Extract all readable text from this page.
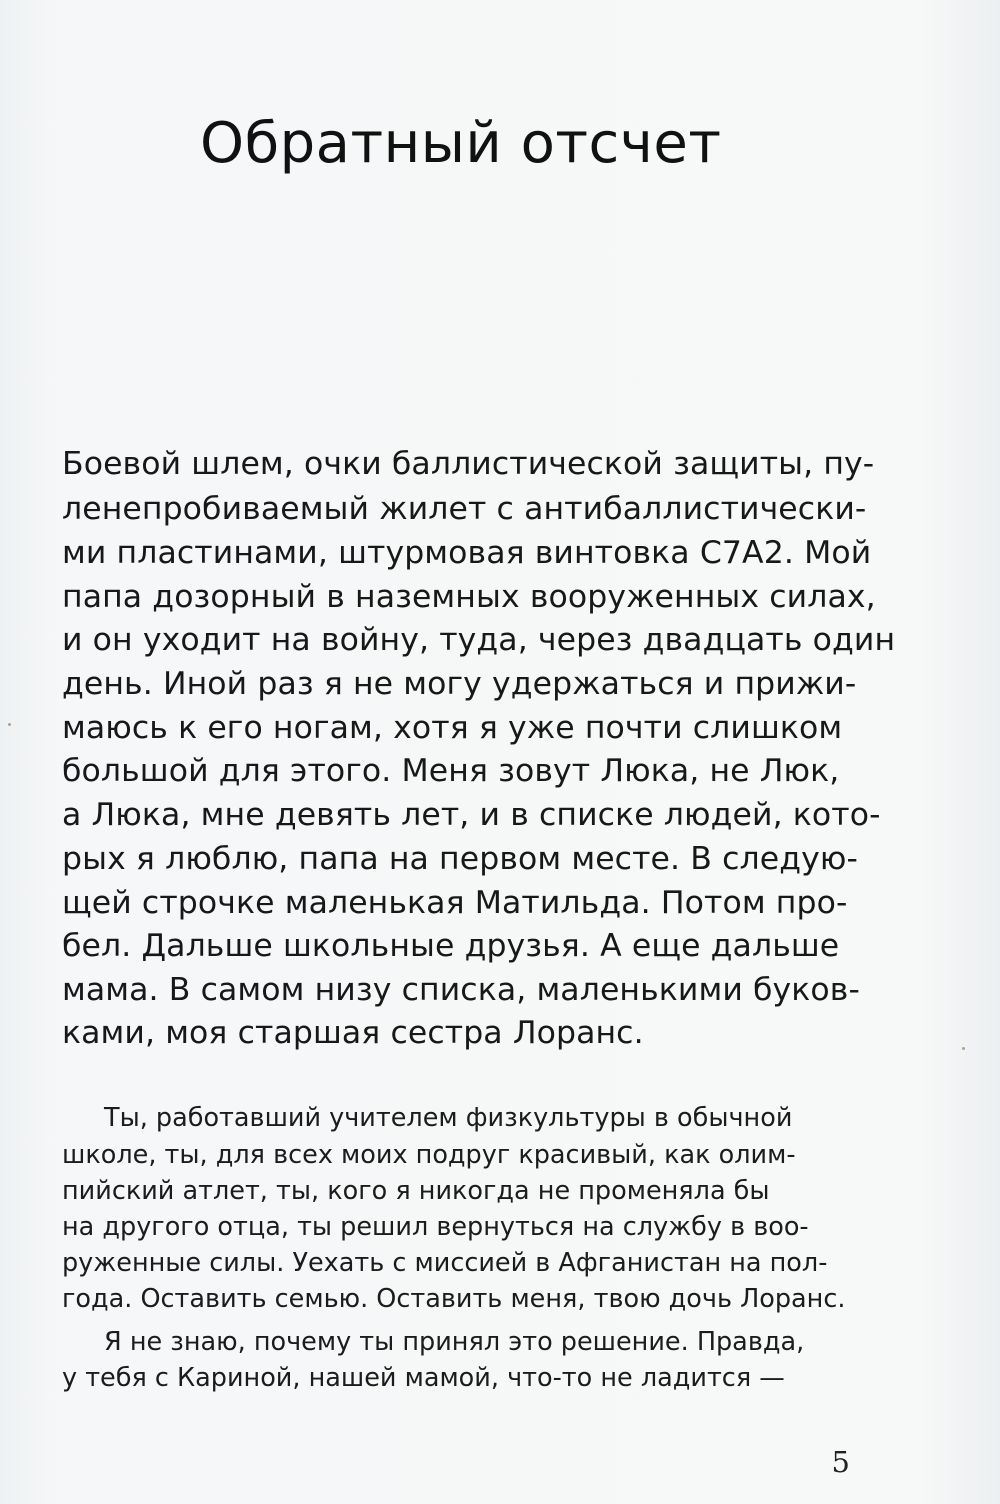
Обратный отсчет

Боевой шлем, очки баллистической защиты, пу-

ленепробиваемый жилет с антибаллистически-

ми пластинами, штурмовая винтовка С7А2. Мой

папа дозорный в наземных вооруженных силах,

и он уходит на войну, туда, через двадцать один

день. Иной раз я не могу удержаться и прижи-

маюсь к его ногам, хотя я уже почти слишком

большой для этого. Меня зовут Люка, не Люк,

а Люка, мне девять лет, и в списке людей, кото-

рых я люблю, папа на первом месте. В следую-

щей строчке маленькая Матильда. Потом про-

бел. Дальше школьные друзья. А еще дальше

мама. В самом низу списка, маленькими буков-

ками, моя старшая сестра Лоранс.

Ты, работавший учителем физкультуры в обычной

школе, ты, для всех моих подруг красивый, как олим-

пийский атлет, ты, кого я никогда не променяла бы

на другого отца, ты решил вернуться на службу в воо-

руженные силы. Уехать с миссией в Афганистан на пол-

года. Оставить семью. Оставить меня, твою дочь Лоранс.

Я не знаю, почему ты принял это решение. Правда,

у тебя с Кариной, нашей мамой, что-то не ладится —

5
